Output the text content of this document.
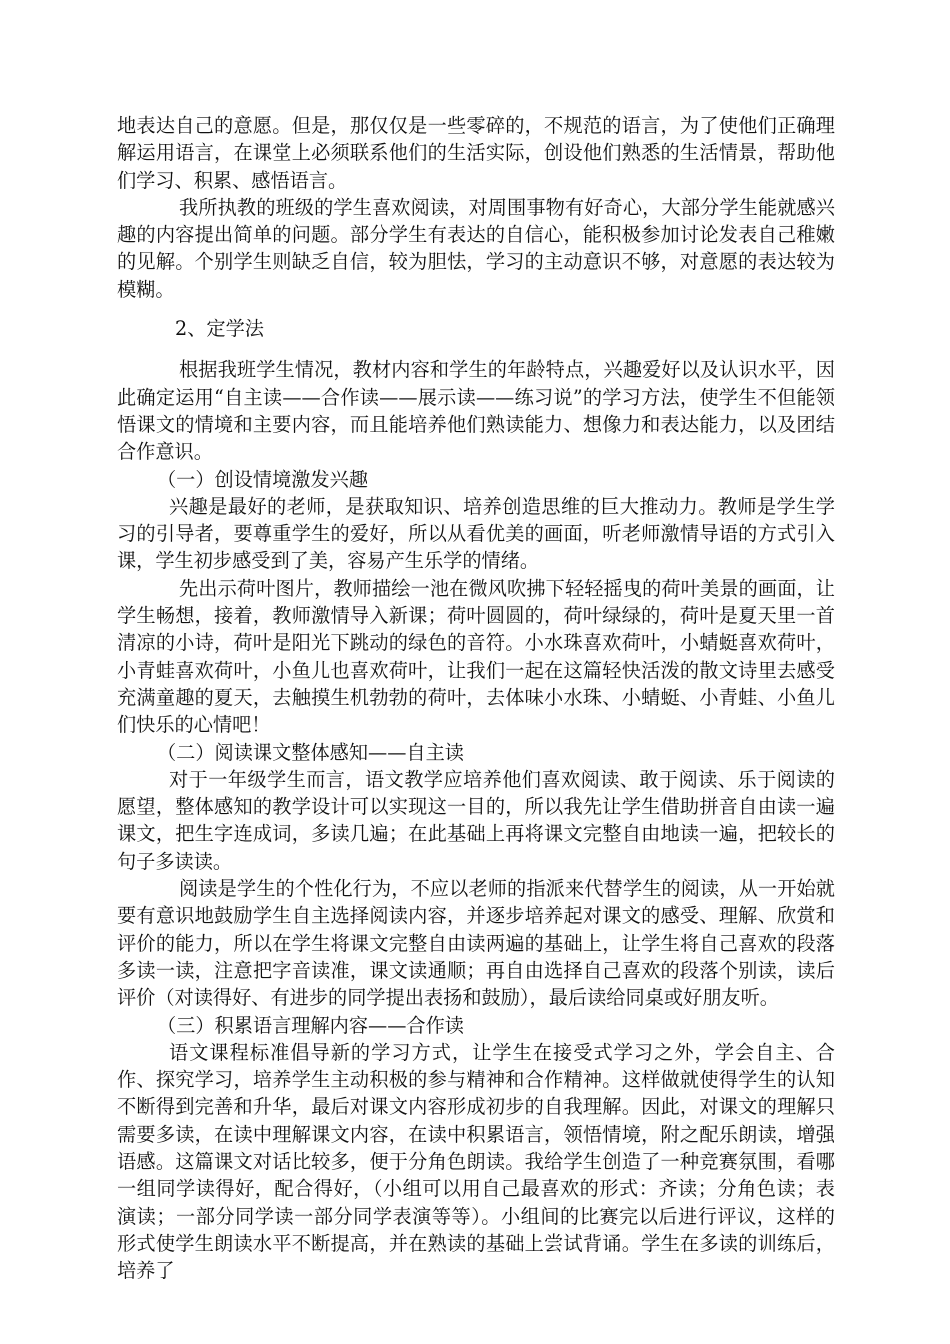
地表达自己的意愿。但是，那仅仅是一些零碎的，不规范的语言，为了使他们正确理解运用语言，在课堂上必须联系他们的生活实际，创设他们熟悉的生活情景，帮助他们学习、积累、感悟语言。

我所执教的班级的学生喜欢阅读，对周围事物有好奇心，大部分学生能就感兴趣的内容提出简单的问题。部分学生有表达的自信心，能积极参加讨论发表自己稚嫩的见解。个别学生则缺乏自信，较为胆怯，学习的主动意识不够，对意愿的表达较为模糊。

2、定学法

根据我班学生情况，教材内容和学生的年龄特点，兴趣爱好以及认识水平，因此确定运用“自主读——合作读——展示读——练习说”的学习方法，使学生不但能领悟课文的情境和主要内容，而且能培养他们熟读能力、想像力和表达能力，以及团结合作意识。

（一）创设情境激发兴趣

兴趣是最好的老师，是获取知识、培养创造思维的巨大推动力。教师是学生学习的引导者，要尊重学生的爱好，所以从看优美的画面，听老师激情导语的方式引入课，学生初步感受到了美，容易产生乐学的情绪。

先出示荷叶图片，教师描绘一池在微风吹拂下轻轻摇曳的荷叶美景的画面，让学生畅想，接着，教师激情导入新课；荷叶圆圆的，荷叶绿绿的，荷叶是夏天里一首清凉的小诗，荷叶是阳光下跳动的绿色的音符。小水珠喜欢荷叶，小蜻蜓喜欢荷叶，小青蛙喜欢荷叶，小鱼儿也喜欢荷叶，让我们一起在这篇轻快活泼的散文诗里去感受充满童趣的夏天，去触摸生机勃勃的荷叶，去体味小水珠、小蜻蜓、小青蛙、小鱼儿们快乐的心情吧！

（二）阅读课文整体感知——自主读

对于一年级学生而言，语文教学应培养他们喜欢阅读、敢于阅读、乐于阅读的愿望，整体感知的教学设计可以实现这一目的，所以我先让学生借助拼音自由读一遍课文，把生字连成词，多读几遍；在此基础上再将课文完整自由地读一遍，把较长的句子多读读。

阅读是学生的个性化行为，不应以老师的指派来代替学生的阅读，从一开始就要有意识地鼓励学生自主选择阅读内容，并逐步培养起对课文的感受、理解、欣赏和评价的能力，所以在学生将课文完整自由读两遍的基础上，让学生将自己喜欢的段落多读一读，注意把字音读准，课文读通顺；再自由选择自己喜欢的段落个别读，读后评价（对读得好、有进步的同学提出表扬和鼓励），最后读给同桌或好朋友听。

（三）积累语言理解内容——合作读

语文课程标准倡导新的学习方式，让学生在接受式学习之外，学会自主、合作、探究学习，培养学生主动积极的参与精神和合作精神。这样做就使得学生的认知不断得到完善和升华，最后对课文内容形成初步的自我理解。因此，对课文的理解只需要多读，在读中理解课文内容，在读中积累语言，领悟情境，附之配乐朗读，增强语感。这篇课文对话比较多，便于分角色朗读。我给学生创造了一种竞赛氛围，看哪一组同学读得好，配合得好，（小组可以用自己最喜欢的形式：齐读；分角色读；表演读；一部分同学读一部分同学表演等等）。小组间的比赛完以后进行评议，这样的形式使学生朗读水平不断提高，并在熟读的基础上尝试背诵。学生在多读的训练后，培养了
